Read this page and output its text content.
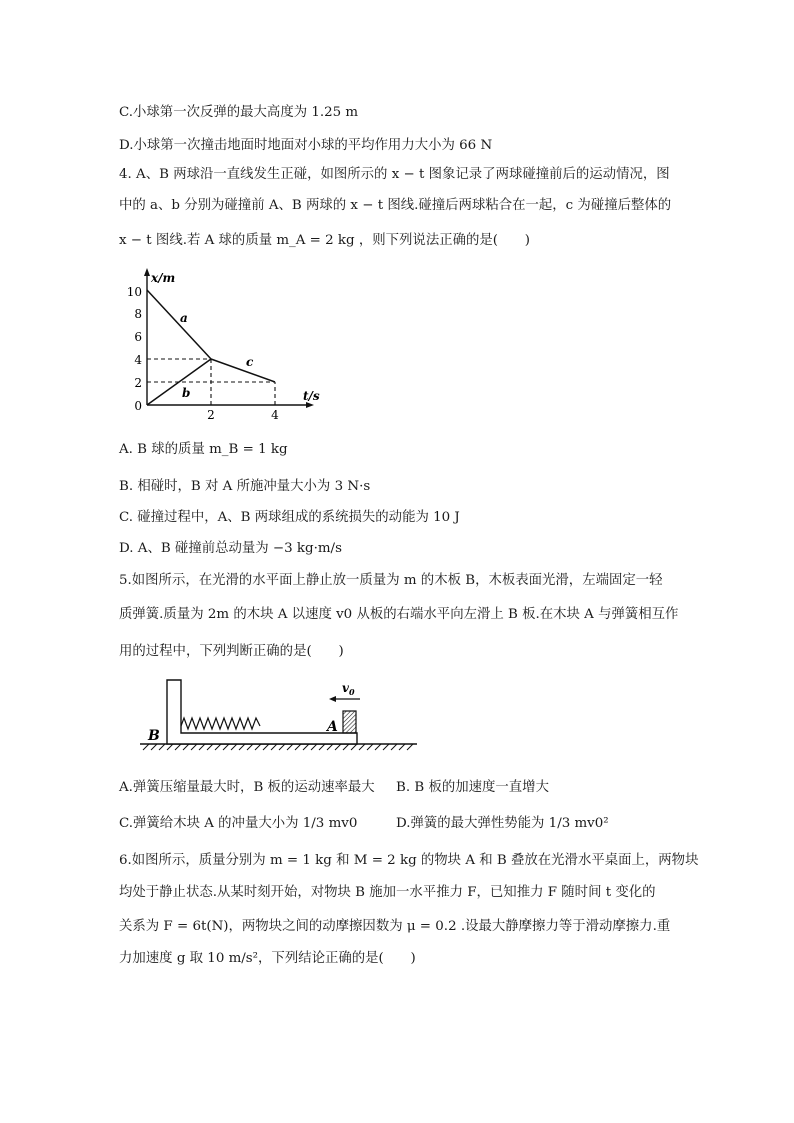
C.小球第一次反弹的最大高度为 1.25 m
D.小球第一次撞击地面时地面对小球的平均作用力大小为 66 N
4. A、B 两球沿一直线发生正碰，如图所示的 x − t 图象记录了两球碰撞前后的运动情况，图
中的 a、b 分别为碰撞前 A、B 两球的 x − t 图线.碰撞后两球粘合在一起，c 为碰撞后整体的
x − t 图线.若 A 球的质量 m_A = 2 kg ，则下列说法正确的是(　　)
x/m
t/s
10
8
6
4
2
0
2	4
a
b
c
A. B 球的质量 m_B = 1 kg
B. 相碰时，B 对 A 所施冲量大小为 3 N·s
C. 碰撞过程中，A、B 两球组成的系统损失的动能为 10 J
D. A、B 碰撞前总动量为 −3 kg·m/s
5.如图所示，在光滑的水平面上静止放一质量为 m 的木板 B，木板表面光滑，左端固定一轻
质弹簧.质量为 2m 的木块 A 以速度 v0 从板的右端水平向左滑上 B 板.在木块 A 与弹簧相互作
用的过程中，下列判断正确的是(　　)
$v_0$
B
A
A.弹簧压缩量最大时，B 板的运动速率最大 B. B 板的加速度一直增大
C.弹簧给木块 A 的冲量大小为 1/3 mv0	D.弹簧的最大弹性势能为 1/3 mv0²
6.如图所示，质量分别为 m = 1 kg 和 M = 2 kg 的物块 A 和 B 叠放在光滑水平桌面上，两物块
均处于静止状态.从某时刻开始，对物块 B 施加一水平推力 F，已知推力 F 随时间 t 变化的
关系为 F = 6t(N)，两物块之间的动摩擦因数为 μ = 0.2 .设最大静摩擦力等于滑动摩擦力.重
力加速度 g 取 10 m/s²，下列结论正确的是(　　)
